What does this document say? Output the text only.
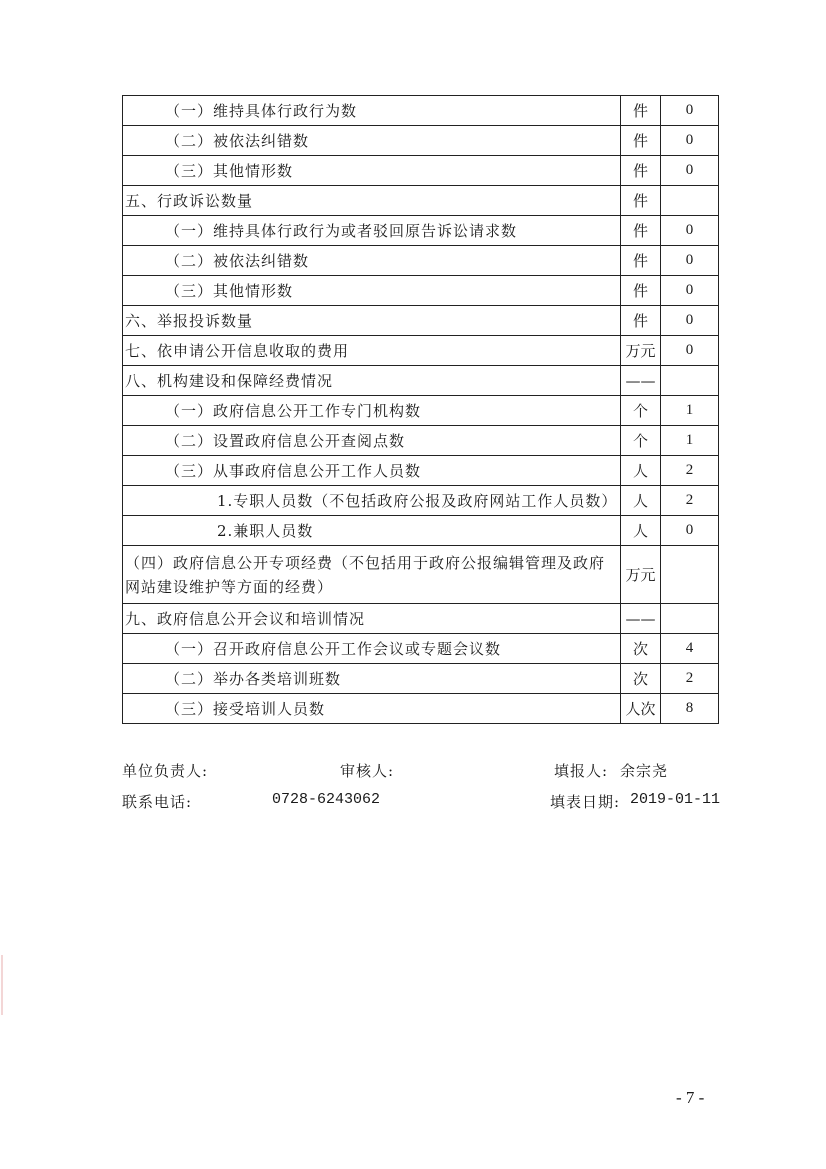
（一）维持具体行政行为数	件	0
（二）被依法纠错数	件	0
（三）其他情形数	件	0
五、行政诉讼数量	件	
（一）维持具体行政行为或者驳回原告诉讼请求数	件	0
（二）被依法纠错数	件	0
（三）其他情形数	件	0
六、举报投诉数量	件	0
七、依申请公开信息收取的费用	万元	0
八、机构建设和保障经费情况	——	
（一）政府信息公开工作专门机构数	个	1
（二）设置政府信息公开查阅点数	个	1
（三）从事政府信息公开工作人员数	人	2
1.专职人员数（不包括政府公报及政府网站工作人员数）	人	2
2.兼职人员数	人	0
（四）政府信息公开专项经费（不包括用于政府公报编辑管理及政府网站建设维护等方面的经费）	万元	
九、政府信息公开会议和培训情况	——	
（一）召开政府信息公开工作会议或专题会议数	次	4
（二）举办各类培训班数	次	2
（三）接受培训人员数	人次	8
单位负责人:	审核人:	填报人: 余宗尧
联系电话:	0728-6243062	填表日期: 2019-01-11
- 7 -
